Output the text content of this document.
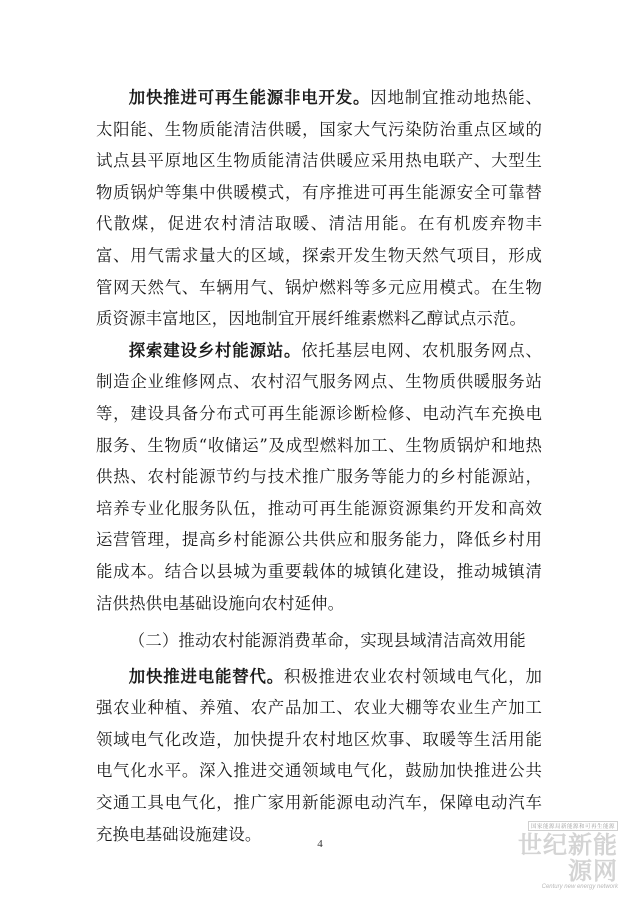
加快推进可再生能源非电开发。因地制宜推动地热能、太阳能、生物质能清洁供暖，国家大气污染防治重点区域的试点县平原地区生物质能清洁供暖应采用热电联产、大型生物质锅炉等集中供暖模式，有序推进可再生能源安全可靠替代散煤，促进农村清洁取暖、清洁用能。在有机废弃物丰富、用气需求量大的区域，探索开发生物天然气项目，形成管网天然气、车辆用气、锅炉燃料等多元应用模式。在生物质资源丰富地区，因地制宜开展纤维素燃料乙醇试点示范。

探索建设乡村能源站。依托基层电网、农机服务网点、制造企业维修网点、农村沼气服务网点、生物质供暖服务站等，建设具备分布式可再生能源诊断检修、电动汽车充换电服务、生物质“收储运”及成型燃料加工、生物质锅炉和地热供热、农村能源节约与技术推广服务等能力的乡村能源站，培养专业化服务队伍，推动可再生能源资源集约开发和高效运营管理，提高乡村能源公共供应和服务能力，降低乡村用能成本。结合以县城为重要载体的城镇化建设，推动城镇清洁供热供电基础设施向农村延伸。

（二）推动农村能源消费革命，实现县域清洁高效用能

加快推进电能替代。积极推进农业农村领域电气化，加强农业种植、养殖、农产品加工、农业大棚等农业生产加工领域电气化改造，加快提升农村地区炊事、取暖等生活用能电气化水平。深入推进交通领域电气化，鼓励加快推进公共交通工具电气化，推广家用新能源电动汽车，保障电动汽车充换电基础设施建设。

4
国家能源局新能源和可再生能源
世纪新能源网
Century new energy network
